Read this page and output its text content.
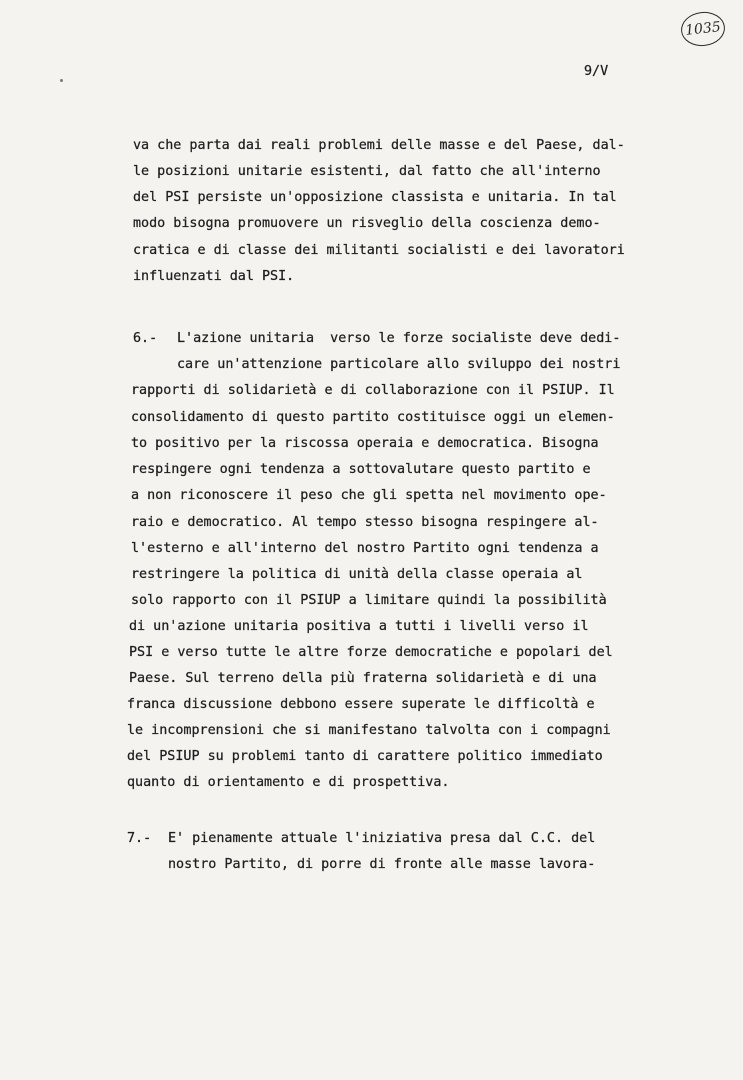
1035
9/V

va che parta dai reali problemi delle masse e del Paese, dal-

le posizioni unitarie esistenti, dal fatto che all'interno

del PSI persiste un'opposizione classista e unitaria. In tal

modo bisogna promuovere un risveglio della coscienza demo-

cratica e di classe dei militanti socialisti e dei lavoratori

influenzati dal PSI.

6.-

L'azione unitaria  verso le forze socialiste deve dedi-

care un'attenzione particolare allo sviluppo dei nostri

rapporti di solidarietà e di collaborazione con il PSIUP. Il

consolidamento di questo partito costituisce oggi un elemen-

to positivo per la riscossa operaia e democratica. Bisogna

respingere ogni tendenza a sottovalutare questo partito e

a non riconoscere il peso che gli spetta nel movimento ope-

raio e democratico. Al tempo stesso bisogna respingere al-

l'esterno e all'interno del nostro Partito ogni tendenza a

restringere la politica di unità della classe operaia al

solo rapporto con il PSIUP a limitare quindi la possibilità

di un'azione unitaria positiva a tutti i livelli verso il

PSI e verso tutte le altre forze democratiche e popolari del

Paese. Sul terreno della più fraterna solidarietà e di una

franca discussione debbono essere superate le difficoltà e

le incomprensioni che si manifestano talvolta con i compagni

del PSIUP su problemi tanto di carattere politico immediato

quanto di orientamento e di prospettiva.

7.-

E' pienamente attuale l'iniziativa presa dal C.C. del

nostro Partito, di porre di fronte alle masse lavora-
